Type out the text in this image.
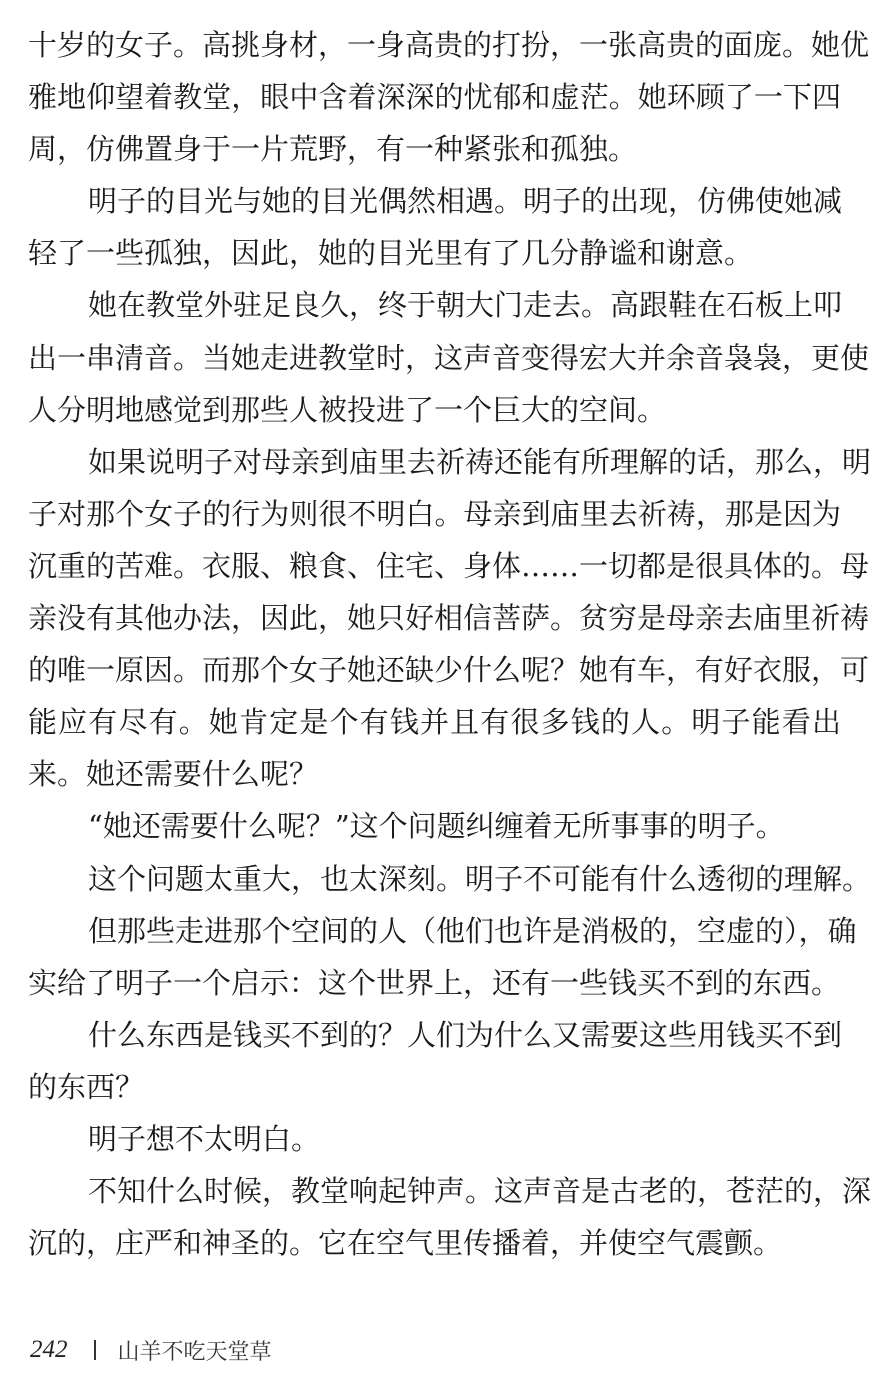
十岁的女子。高挑身材，一身高贵的打扮，一张高贵的面庞。她优
雅地仰望着教堂，眼中含着深深的忧郁和虚茫。她环顾了一下四
周，仿佛置身于一片荒野，有一种紧张和孤独。
明子的目光与她的目光偶然相遇。明子的出现，仿佛使她减
轻了一些孤独，因此，她的目光里有了几分静谧和谢意。
她在教堂外驻足良久，终于朝大门走去。高跟鞋在石板上叩
出一串清音。当她走进教堂时，这声音变得宏大并余音袅袅，更使
人分明地感觉到那些人被投进了一个巨大的空间。
如果说明子对母亲到庙里去祈祷还能有所理解的话，那么，明
子对那个女子的行为则很不明白。母亲到庙里去祈祷，那是因为
沉重的苦难。衣服、粮食、住宅、身体……一切都是很具体的。母
亲没有其他办法，因此，她只好相信菩萨。贫穷是母亲去庙里祈祷
的唯一原因。而那个女子她还缺少什么呢？她有车，有好衣服，可
能应有尽有。她肯定是个有钱并且有很多钱的人。明子能看出
来。她还需要什么呢？
“她还需要什么呢？”这个问题纠缠着无所事事的明子。
这个问题太重大，也太深刻。明子不可能有什么透彻的理解。
但那些走进那个空间的人（他们也许是消极的，空虚的），确
实给了明子一个启示：这个世界上，还有一些钱买不到的东西。
什么东西是钱买不到的？人们为什么又需要这些用钱买不到
的东西？
明子想不太明白。
不知什么时候，教堂响起钟声。这声音是古老的，苍茫的，深
沉的，庄严和神圣的。它在空气里传播着，并使空气震颤。
242 山羊不吃天堂草
